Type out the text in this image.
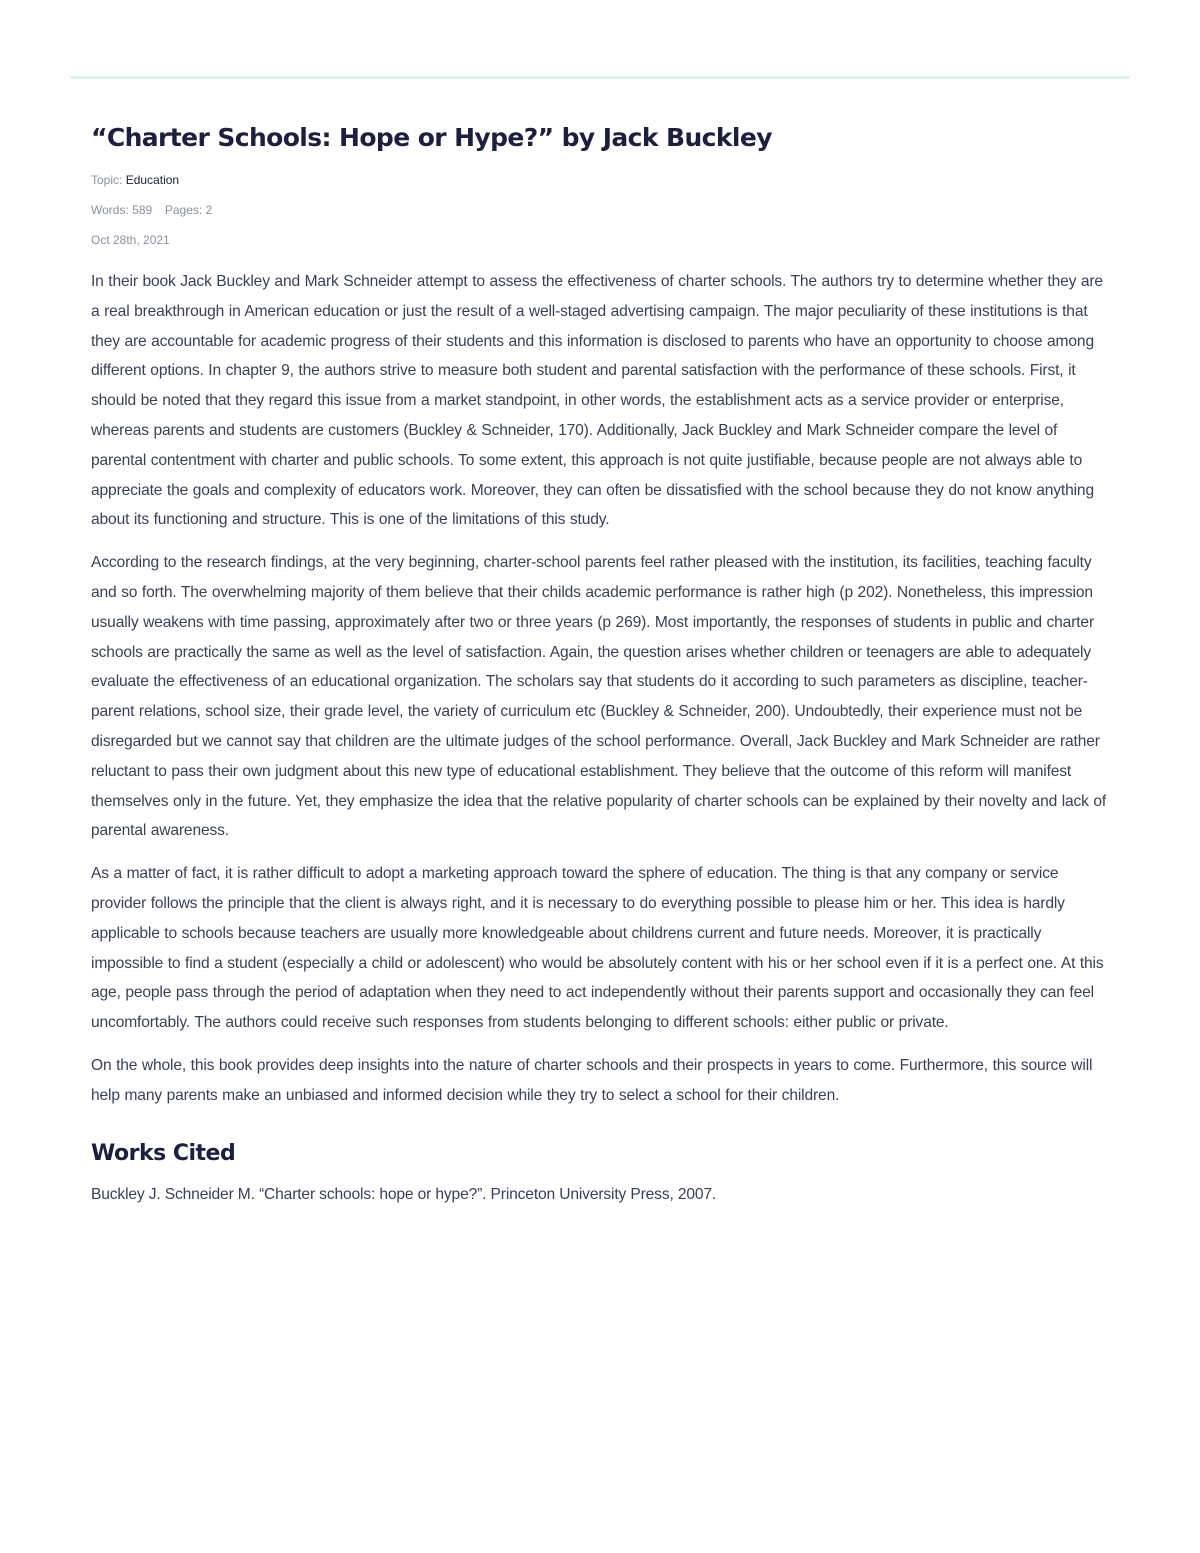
“Charter Schools: Hope or Hype?” by Jack Buckley
Topic: Education
Words: 589 Pages: 2
Oct 28th, 2021

In their book Jack Buckley and Mark Schneider attempt to assess the effectiveness of charter schools. The authors try to determine whether they are a real breakthrough in American education or just the result of a well-staged advertising campaign. The major peculiarity of these institutions is that they are accountable for academic progress of their students and this information is disclosed to parents who have an opportunity to choose among different options. In chapter 9, the authors strive to measure both student and parental satisfaction with the performance of these schools. First, it should be noted that they regard this issue from a market standpoint, in other words, the establishment acts as a service provider or enterprise, whereas parents and students are customers (Buckley & Schneider, 170). Additionally, Jack Buckley and Mark Schneider compare the level of parental contentment with charter and public schools. To some extent, this approach is not quite justifiable, because people are not always able to appreciate the goals and complexity of educators work. Moreover, they can often be dissatisfied with the school because they do not know anything about its functioning and structure. This is one of the limitations of this study.

According to the research findings, at the very beginning, charter-school parents feel rather pleased with the institution, its facilities, teaching faculty and so forth. The overwhelming majority of them believe that their childs academic performance is rather high (p 202). Nonetheless, this impression usually weakens with time passing, approximately after two or three years (p 269). Most importantly, the responses of students in public and charter schools are practically the same as well as the level of satisfaction. Again, the question arises whether children or teenagers are able to adequately evaluate the effectiveness of an educational organization. The scholars say that students do it according to such parameters as discipline, teacher-parent relations, school size, their grade level, the variety of curriculum etc (Buckley & Schneider, 200). Undoubtedly, their experience must not be disregarded but we cannot say that children are the ultimate judges of the school performance. Overall, Jack Buckley and Mark Schneider are rather reluctant to pass their own judgment about this new type of educational establishment. They believe that the outcome of this reform will manifest themselves only in the future. Yet, they emphasize the idea that the relative popularity of charter schools can be explained by their novelty and lack of parental awareness.

As a matter of fact, it is rather difficult to adopt a marketing approach toward the sphere of education. The thing is that any company or service provider follows the principle that the client is always right, and it is necessary to do everything possible to please him or her. This idea is hardly applicable to schools because teachers are usually more knowledgeable about childrens current and future needs. Moreover, it is practically impossible to find a student (especially a child or adolescent) who would be absolutely content with his or her school even if it is a perfect one. At this age, people pass through the period of adaptation when they need to act independently without their parents support and occasionally they can feel uncomfortably. The authors could receive such responses from students belonging to different schools: either public or private.

On the whole, this book provides deep insights into the nature of charter schools and their prospects in years to come. Furthermore, this source will help many parents make an unbiased and informed decision while they try to select a school for their children.

Works Cited

Buckley J. Schneider M. “Charter schools: hope or hype?”. Princeton University Press, 2007.
